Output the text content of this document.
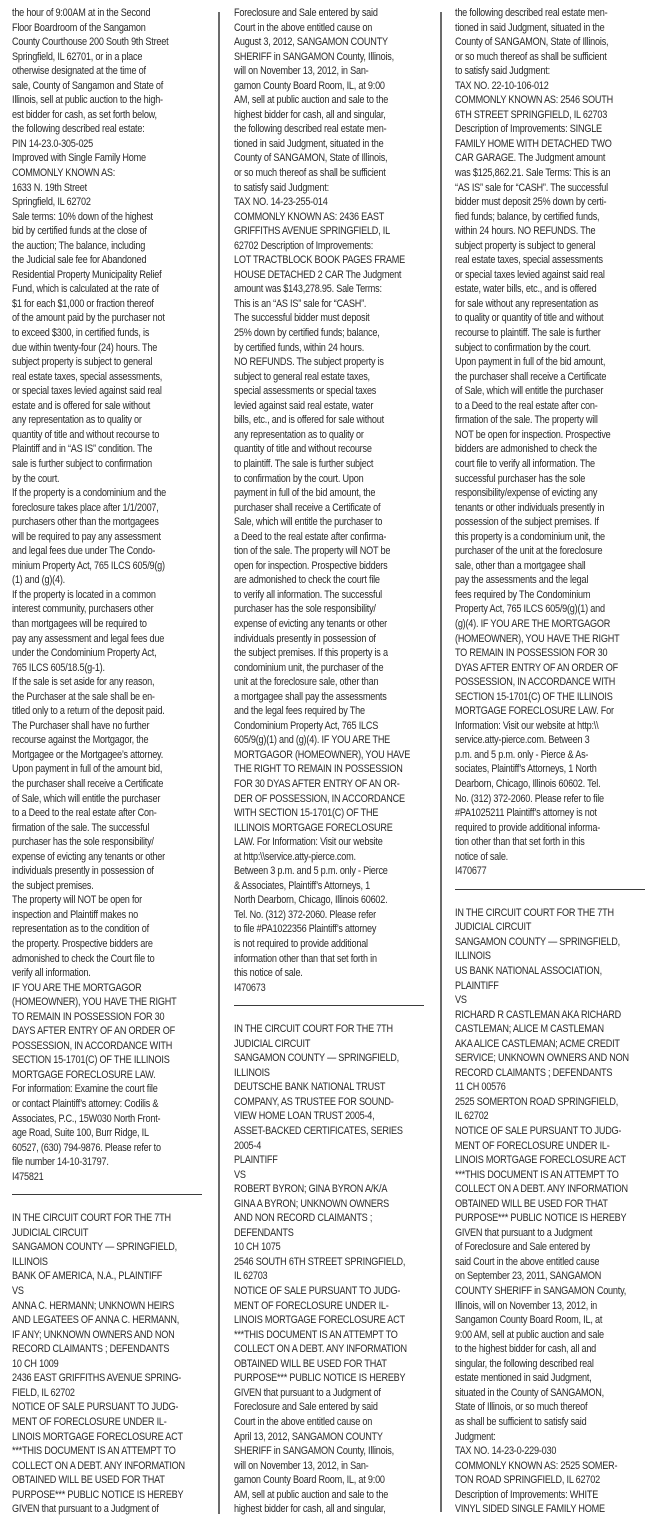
the hour of 9:00AM at in the Second
Floor Boardroom of the Sangamon
County Courthouse 200 South 9th Street
Springfield, IL 62701, or in a place
otherwise designated at the time of
sale, County of Sangamon and State of
Illinois, sell at public auction to the high-
est bidder for cash, as set forth below,
the following described real estate:
PIN 14-23.0-305-025
Improved with Single Family Home
COMMONLY KNOWN AS:
1633 N. 19th Street
Springfield, IL 62702
Sale terms: 10% down of the highest
bid by certified funds at the close of
the auction; The balance, including
the Judicial sale fee for Abandoned
Residential Property Municipality Relief
Fund, which is calculated at the rate of
$1 for each $1,000 or fraction thereof
of the amount paid by the purchaser not
to exceed $300, in certified funds, is
due within twenty-four (24) hours. The
subject property is subject to general
real estate taxes, special assessments,
or special taxes levied against said real
estate and is offered for sale without
any representation as to quality or
quantity of title and without recourse to
Plaintiff and in “AS IS” condition. The
sale is further subject to confirmation
by the court.
If the property is a condominium and the
foreclosure takes place after 1/1/2007,
purchasers other than the mortgagees
will be required to pay any assessment
and legal fees due under The Condo-
minium Property Act, 765 ILCS 605/9(g)
(1) and (g)(4).
If the property is located in a common
interest community, purchasers other
than mortgagees will be required to
pay any assessment and legal fees due
under the Condominium Property Act,
765 ILCS 605/18.5(g-1).
If the sale is set aside for any reason,
the Purchaser at the sale shall be en-
titled only to a return of the deposit paid.
The Purchaser shall have no further
recourse against the Mortgagor, the
Mortgagee or the Mortgagee’s attorney.
Upon payment in full of the amount bid,
the purchaser shall receive a Certificate
of Sale, which will entitle the purchaser
to a Deed to the real estate after Con-
firmation of the sale. The successful
purchaser has the sole responsibility/
expense of evicting any tenants or other
individuals presently in possession of
the subject premises.
The property will NOT be open for
inspection and Plaintiff makes no
representation as to the condition of
the property. Prospective bidders are
admonished to check the Court file to
verify all information.
IF YOU ARE THE MORTGAGOR
(HOMEOWNER), YOU HAVE THE RIGHT
TO REMAIN IN POSSESSION FOR 30
DAYS AFTER ENTRY OF AN ORDER OF
POSSESSION, IN ACCORDANCE WITH
SECTION 15-1701(C) OF THE ILLINOIS
MORTGAGE FORECLOSURE LAW.
For information: Examine the court file
or contact Plaintiff’s attorney: Codilis &
Associates, P.C., 15W030 North Front-
age Road, Suite 100, Burr Ridge, IL
60527, (630) 794-9876. Please refer to
file number 14-10-31797.
I475821
IN THE CIRCUIT COURT FOR THE 7TH
JUDICIAL CIRCUIT
SANGAMON COUNTY — SPRINGFIELD,
ILLINOIS
BANK OF AMERICA, N.A., PLAINTIFF
VS
ANNA C. HERMANN; UNKNOWN HEIRS
AND LEGATEES OF ANNA C. HERMANN,
IF ANY; UNKNOWN OWNERS AND NON
RECORD CLAIMANTS ; DEFENDANTS
10 CH 1009
2436 EAST GRIFFITHS AVENUE SPRING-
FIELD, IL 62702
NOTICE OF SALE PURSUANT TO JUDG-
MENT OF FORECLOSURE UNDER IL-
LINOIS MORTGAGE FORECLOSURE ACT
***THIS DOCUMENT IS AN ATTEMPT TO
COLLECT ON A DEBT. ANY INFORMATION
OBTAINED WILL BE USED FOR THAT
PURPOSE*** PUBLIC NOTICE IS HEREBY
GIVEN that pursuant to a Judgment of
Foreclosure and Sale entered by said
Court in the above entitled cause on
August 3, 2012, SANGAMON COUNTY
SHERIFF in SANGAMON County, Illinois,
will on November 13, 2012, in San-
gamon County Board Room, IL, at 9:00
AM, sell at public auction and sale to the
highest bidder for cash, all and singular,
the following described real estate men-
tioned in said Judgment, situated in the
County of SANGAMON, State of Illinois,
or so much thereof as shall be sufficient
to satisfy said Judgment:
TAX NO. 14-23-255-014
COMMONLY KNOWN AS: 2436 EAST
GRIFFITHS AVENUE SPRINGFIELD, IL
62702 Description of Improvements:
LOT TRACTBLOCK BOOK PAGES FRAME
HOUSE DETACHED 2 CAR The Judgment
amount was $143,278.95. Sale Terms:
This is an “AS IS” sale for “CASH”.
The successful bidder must deposit
25% down by certified funds; balance,
by certified funds, within 24 hours.
NO REFUNDS. The subject property is
subject to general real estate taxes,
special assessments or special taxes
levied against said real estate, water
bills, etc., and is offered for sale without
any representation as to quality or
quantity of title and without recourse
to plaintiff. The sale is further subject
to confirmation by the court. Upon
payment in full of the bid amount, the
purchaser shall receive a Certificate of
Sale, which will entitle the purchaser to
a Deed to the real estate after confirma-
tion of the sale. The property will NOT be
open for inspection. Prospective bidders
are admonished to check the court file
to verify all information. The successful
purchaser has the sole responsibility/
expense of evicting any tenants or other
individuals presently in possession of
the subject premises. If this property is a
condominium unit, the purchaser of the
unit at the foreclosure sale, other than
a mortgagee shall pay the assessments
and the legal fees required by The
Condominium Property Act, 765 ILCS
605/9(g)(1) and (g)(4). IF YOU ARE THE
MORTGAGOR (HOMEOWNER), YOU HAVE
THE RIGHT TO REMAIN IN POSSESSION
FOR 30 DYAS AFTER ENTRY OF AN OR-
DER OF POSSESSION, IN ACCORDANCE
WITH SECTION 15-1701(C) OF THE
ILLINOIS MORTGAGE FORECLOSURE
LAW. For Information: Visit our website
at http:\\service.atty-pierce.com.
Between 3 p.m. and 5 p.m. only - Pierce
& Associates, Plaintiff’s Attorneys, 1
North Dearborn, Chicago, Illinois 60602.
Tel. No. (312) 372-2060. Please refer
to file #PA1022356 Plaintiff’s attorney
is not required to provide additional
information other than that set forth in
this notice of sale.
I470673
IN THE CIRCUIT COURT FOR THE 7TH
JUDICIAL CIRCUIT
SANGAMON COUNTY — SPRINGFIELD,
ILLINOIS
DEUTSCHE BANK NATIONAL TRUST
COMPANY, AS TRUSTEE FOR SOUND-
VIEW HOME LOAN TRUST 2005-4,
ASSET-BACKED CERTIFICATES, SERIES
2005-4
PLAINTIFF
VS
ROBERT BYRON; GINA BYRON A/K/A
GINA A BYRON; UNKNOWN OWNERS
AND NON RECORD CLAIMANTS ;
DEFENDANTS
10 CH 1075
2546 SOUTH 6TH STREET SPRINGFIELD,
IL 62703
NOTICE OF SALE PURSUANT TO JUDG-
MENT OF FORECLOSURE UNDER IL-
LINOIS MORTGAGE FORECLOSURE ACT
***THIS DOCUMENT IS AN ATTEMPT TO
COLLECT ON A DEBT. ANY INFORMATION
OBTAINED WILL BE USED FOR THAT
PURPOSE*** PUBLIC NOTICE IS HEREBY
GIVEN that pursuant to a Judgment of
Foreclosure and Sale entered by said
Court in the above entitled cause on
April 13, 2012, SANGAMON COUNTY
SHERIFF in SANGAMON County, Illinois,
will on November 13, 2012, in San-
gamon County Board Room, IL, at 9:00
AM, sell at public auction and sale to the
highest bidder for cash, all and singular,
the following described real estate men-
tioned in said Judgment, situated in the
County of SANGAMON, State of Illinois,
or so much thereof as shall be sufficient
to satisfy said Judgment:
TAX NO. 22-10-106-012
COMMONLY KNOWN AS: 2546 SOUTH
6TH STREET SPRINGFIELD, IL 62703
Description of Improvements: SINGLE
FAMILY HOME WITH DETACHED TWO
CAR GARAGE. The Judgment amount
was $125,862.21. Sale Terms: This is an
“AS IS” sale for “CASH”. The successful
bidder must deposit 25% down by certi-
fied funds; balance, by certified funds,
within 24 hours. NO REFUNDS. The
subject property is subject to general
real estate taxes, special assessments
or special taxes levied against said real
estate, water bills, etc., and is offered
for sale without any representation as
to quality or quantity of title and without
recourse to plaintiff. The sale is further
subject to confirmation by the court.
Upon payment in full of the bid amount,
the purchaser shall receive a Certificate
of Sale, which will entitle the purchaser
to a Deed to the real estate after con-
firmation of the sale. The property will
NOT be open for inspection. Prospective
bidders are admonished to check the
court file to verify all information. The
successful purchaser has the sole
responsibility/expense of evicting any
tenants or other individuals presently in
possession of the subject premises. If
this property is a condominium unit, the
purchaser of the unit at the foreclosure
sale, other than a mortgagee shall
pay the assessments and the legal
fees required by The Condominium
Property Act, 765 ILCS 605/9(g)(1) and
(g)(4). IF YOU ARE THE MORTGAGOR
(HOMEOWNER), YOU HAVE THE RIGHT
TO REMAIN IN POSSESSION FOR 30
DYAS AFTER ENTRY OF AN ORDER OF
POSSESSION, IN ACCORDANCE WITH
SECTION 15-1701(C) OF THE ILLINOIS
MORTGAGE FORECLOSURE LAW. For
Information: Visit our website at http:\\
service.atty-pierce.com. Between 3
p.m. and 5 p.m. only - Pierce & As-
sociates, Plaintiff’s Attorneys, 1 North
Dearborn, Chicago, Illinois 60602. Tel.
No. (312) 372-2060. Please refer to file
#PA1025211 Plaintiff’s attorney is not
required to provide additional informa-
tion other than that set forth in this
notice of sale.
I470677
IN THE CIRCUIT COURT FOR THE 7TH
JUDICIAL CIRCUIT
SANGAMON COUNTY — SPRINGFIELD,
ILLINOIS
US BANK NATIONAL ASSOCIATION,
PLAINTIFF
VS
RICHARD R CASTLEMAN AKA RICHARD
CASTLEMAN; ALICE M CASTLEMAN
AKA ALICE CASTLEMAN; ACME CREDIT
SERVICE; UNKNOWN OWNERS AND NON
RECORD CLAIMANTS ; DEFENDANTS
11 CH 00576
2525 SOMERTON ROAD SPRINGFIELD,
IL 62702
NOTICE OF SALE PURSUANT TO JUDG-
MENT OF FORECLOSURE UNDER IL-
LINOIS MORTGAGE FORECLOSURE ACT
***THIS DOCUMENT IS AN ATTEMPT TO
COLLECT ON A DEBT. ANY INFORMATION
OBTAINED WILL BE USED FOR THAT
PURPOSE*** PUBLIC NOTICE IS HEREBY
GIVEN that pursuant to a Judgment
of Foreclosure and Sale entered by
said Court in the above entitled cause
on September 23, 2011, SANGAMON
COUNTY SHERIFF in SANGAMON County,
Illinois, will on November 13, 2012, in
Sangamon County Board Room, IL, at
9:00 AM, sell at public auction and sale
to the highest bidder for cash, all and
singular, the following described real
estate mentioned in said Judgment,
situated in the County of SANGAMON,
State of Illinois, or so much thereof
as shall be sufficient to satisfy said
Judgment:
TAX NO. 14-23-0-229-030
COMMONLY KNOWN AS: 2525 SOMER-
TON ROAD SPRINGFIELD, IL 62702
Description of Improvements: WHITE
VINYL SIDED SINGLE FAMILY HOME
